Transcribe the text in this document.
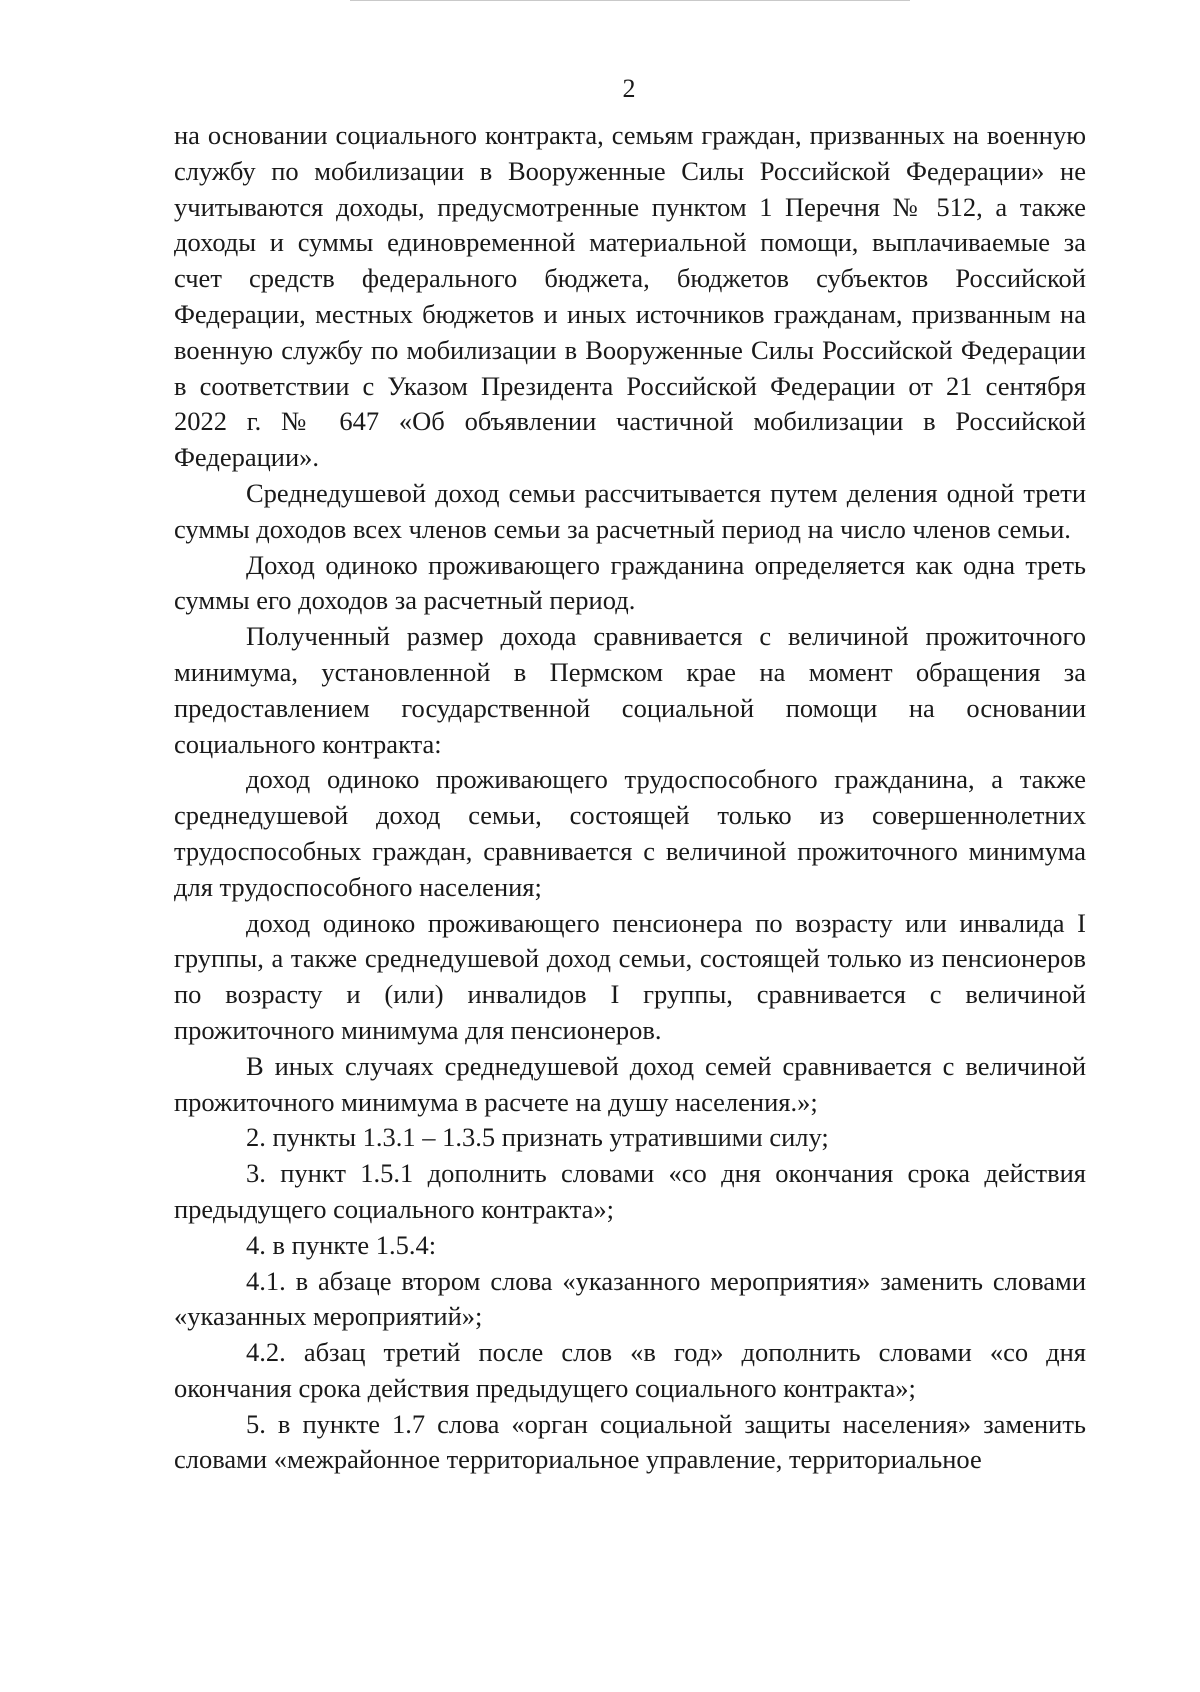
2

на основании социального контракта, семьям граждан, призванных на военную службу по мобилизации в Вооруженные Силы Российской Федерации» не учитываются доходы, предусмотренные пунктом 1 Перечня № 512, а также доходы и суммы единовременной материальной помощи, выплачиваемые за счет средств федерального бюджета, бюджетов субъектов Российской Федерации, местных бюджетов и иных источников гражданам, призванным на военную службу по мобилизации в Вооруженные Силы Российской Федерации в соответствии с Указом Президента Российской Федерации от 21 сентября 2022 г. № 647 «Об объявлении частичной мобилизации в Российской Федерации».

Среднедушевой доход семьи рассчитывается путем деления одной трети суммы доходов всех членов семьи за расчетный период на число членов семьи.

Доход одиноко проживающего гражданина определяется как одна треть суммы его доходов за расчетный период.

Полученный размер дохода сравнивается с величиной прожиточного минимума, установленной в Пермском крае на момент обращения за предоставлением государственной социальной помощи на основании социального контракта:

доход одиноко проживающего трудоспособного гражданина, а также среднедушевой доход семьи, состоящей только из совершеннолетних трудоспособных граждан, сравнивается с величиной прожиточного минимума для трудоспособного населения;

доход одиноко проживающего пенсионера по возрасту или инвалида I группы, а также среднедушевой доход семьи, состоящей только из пенсионеров по возрасту и (или) инвалидов I группы, сравнивается с величиной прожиточного минимума для пенсионеров.

В иных случаях среднедушевой доход семей сравнивается с величиной прожиточного минимума в расчете на душу населения.»;

2. пункты 1.3.1 – 1.3.5 признать утратившими силу;

3. пункт 1.5.1 дополнить словами «со дня окончания срока действия предыдущего социального контракта»;

4. в пункте 1.5.4:

4.1. в абзаце втором слова «указанного мероприятия» заменить словами «указанных мероприятий»;

4.2. абзац третий после слов «в год» дополнить словами «со дня окончания срока действия предыдущего социального контракта»;

5. в пункте 1.7 слова «орган социальной защиты населения» заменить словами «межрайонное территориальное управление, территориальное
